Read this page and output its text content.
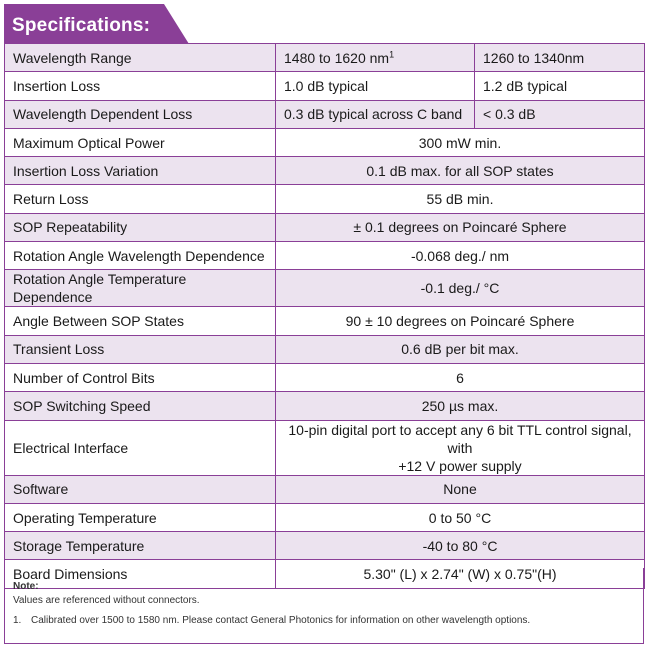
Specifications:
Wavelength Range	1480 to 1620 $nm^1$	1260 to 1340nm
Insertion Loss	1.0 dB typical	1.2 dB typical
Wavelength Dependent Loss	0.3 dB typical across C band	< 0.3 dB
Maximum Optical Power	300 mW min.	
Insertion Loss Variation	0.1 dB max. for all SOP states	
Return Loss	55 dB min.	
SOP Repeatability	± 0.1 degrees on Poincaré Sphere	
Rotation Angle Wavelength Dependence	-0.068 deg./ nm	
Rotation Angle Temperature Dependence	-0.1 deg./ °C	
Angle Between SOP States	90 ± 10 degrees on Poincaré Sphere	
Transient Loss	0.6 dB per bit max.	
Number of Control Bits	6	
SOP Switching Speed	250 µs max.	
Electrical Interface	10-pin digital port to accept any 6 bit TTL control signal, with
+12 V power supply	

Software	None	
Operating Temperature	0 to 50 °C	
Storage Temperature	-40 to 80 °C	
Board Dimensions	5.30" (L) x 2.74" (W) x 0.75"(H)	
Note:
Values are referenced without connectors.
1. Calibrated over 1500 to 1580 nm. Please contact General Photonics for information on other wavelength options.
